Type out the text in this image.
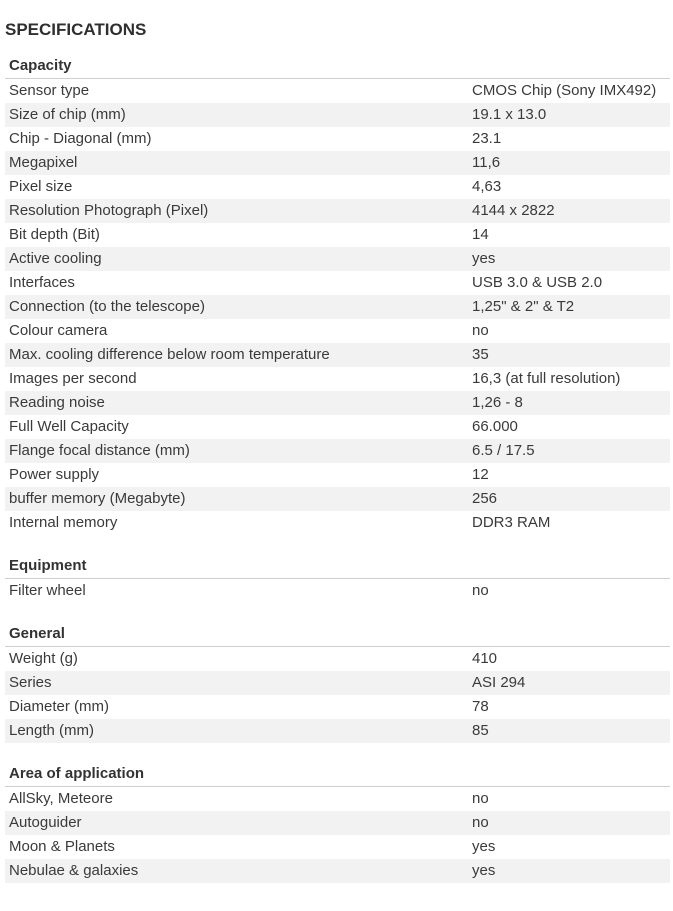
SPECIFICATIONS
Capacity
Sensor type	CMOS Chip (Sony IMX492)
Size of chip (mm)	19.1 x 13.0
Chip - Diagonal (mm)	23.1
Megapixel	11,6
Pixel size	4,63
Resolution Photograph (Pixel)	4144 x 2822
Bit depth (Bit)	14
Active cooling	yes
Interfaces	USB 3.0 & USB 2.0
Connection (to the telescope)	1,25" & 2" & T2
Colour camera	no
Max. cooling difference below room temperature	35
Images per second	16,3 (at full resolution)
Reading noise	1,26 - 8
Full Well Capacity	66.000
Flange focal distance (mm)	6.5 / 17.5
Power supply	12
buffer memory (Megabyte)	256
Internal memory	DDR3 RAM
Equipment
Filter wheel	no
General
Weight (g)	410
Series	ASI 294
Diameter (mm)	78
Length (mm)	85
Area of application
AllSky, Meteore	no
Autoguider	no
Moon & Planets	yes
Nebulae & galaxies	yes
